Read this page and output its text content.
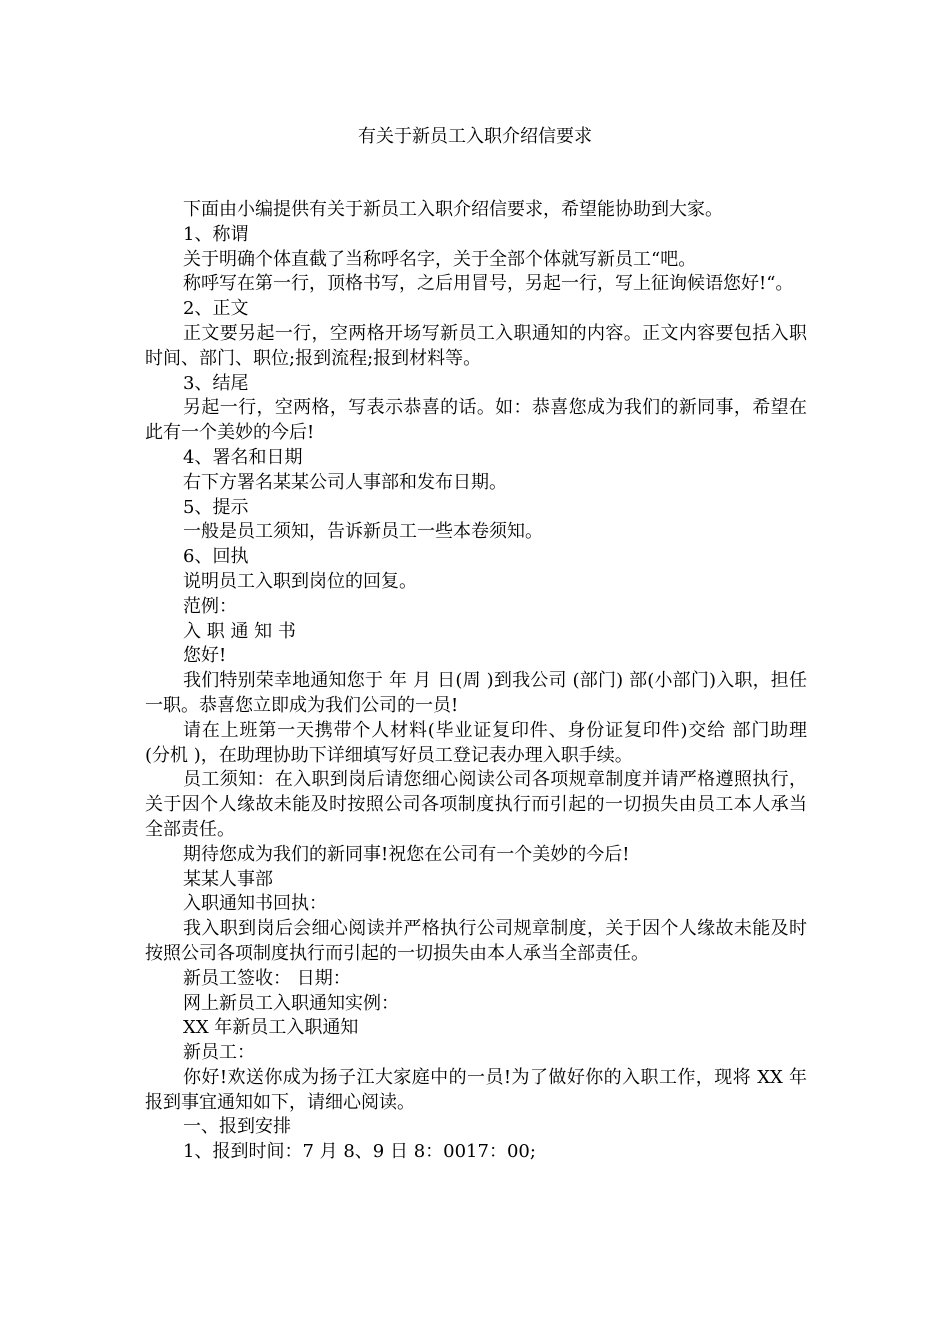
有关于新员工入职介绍信要求

下面由小编提供有关于新员工入职介绍信要求，希望能协助到大家。

1、称谓

关于明确个体直截了当称呼名字，关于全部个体就写新员工“吧。

称呼写在第一行，顶格书写，之后用冒号，另起一行，写上征询候语您好!“。

2、正文

正文要另起一行，空两格开场写新员工入职通知的内容。正文内容要包括入职时间、部门、职位;报到流程;报到材料等。

3、结尾

另起一行，空两格，写表示恭喜的话。如：恭喜您成为我们的新同事，希望在此有一个美妙的今后!

4、署名和日期

右下方署名某某公司人事部和发布日期。

5、提示

一般是员工须知，告诉新员工一些本卷须知。

6、回执

说明员工入职到岗位的回复。

范例：

入 职 通 知 书

您好!

我们特别荣幸地通知您于 年 月 日(周 )到我公司 (部门) 部(小部门)入职，担任 一职。恭喜您立即成为我们公司的一员!

请在上班第一天携带个人材料(毕业证复印件、身份证复印件)交给 部门助理 (分机 )，在助理协助下详细填写好员工登记表办理入职手续。

员工须知：在入职到岗后请您细心阅读公司各项规章制度并请严格遵照执行，关于因个人缘故未能及时按照公司各项制度执行而引起的一切损失由员工本人承当全部责任。

期待您成为我们的新同事!祝您在公司有一个美妙的今后!

某某人事部

入职通知书回执：

我入职到岗后会细心阅读并严格执行公司规章制度，关于因个人缘故未能及时按照公司各项制度执行而引起的一切损失由本人承当全部责任。

新员工签收： 日期：

网上新员工入职通知实例：

XX 年新员工入职通知

新员工：

你好!欢送你成为扬子江大家庭中的一员!为了做好你的入职工作，现将 XX 年报到事宜通知如下，请细心阅读。

一、报到安排

1、报到时间：7 月 8、9 日 8：0017：00;
